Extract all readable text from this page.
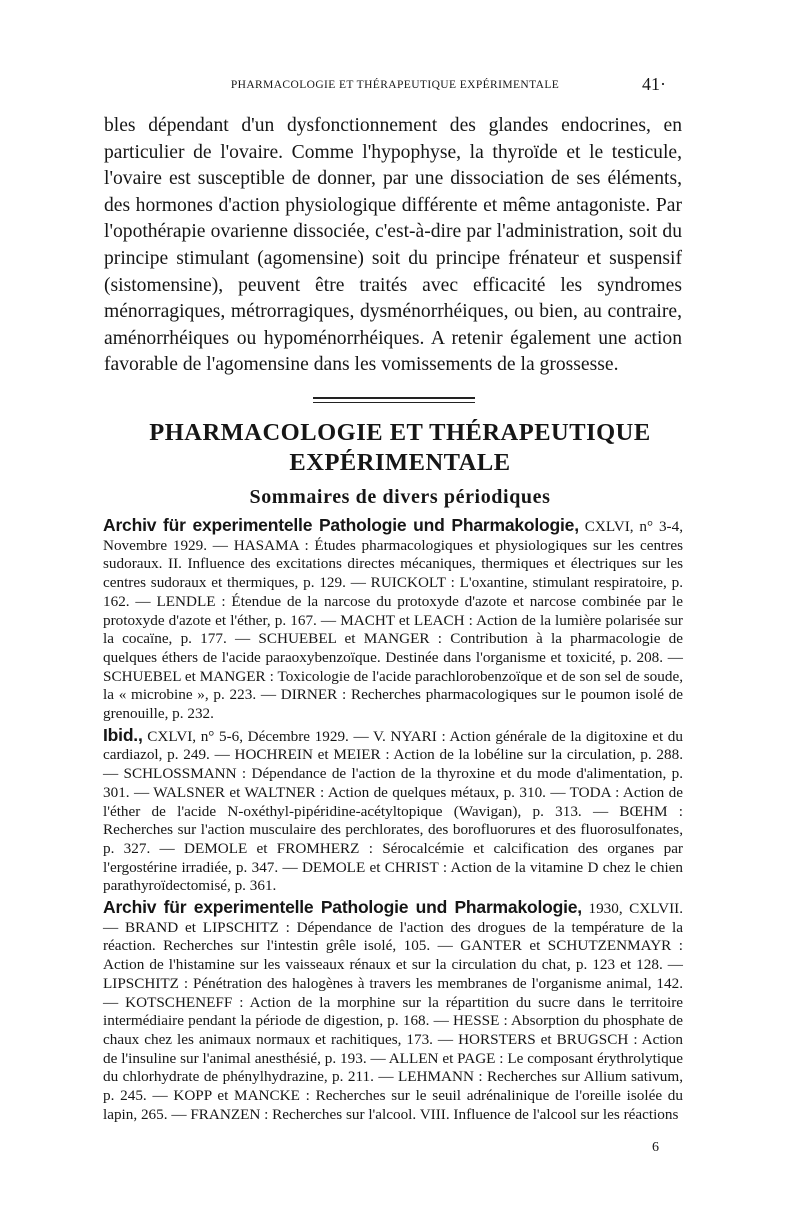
PHARMACOLOGIE ET THÉRAPEUTIQUE EXPÉRIMENTALE	41·

bles dépendant d'un dysfonctionnement des glandes endocrines, en particulier de l'ovaire. Comme l'hypophyse, la thyroïde et le testicule, l'ovaire est susceptible de donner, par une dissociation de ses éléments, des hormones d'action physiologique différente et même antagoniste. Par l'opothérapie ovarienne dissociée, c'est-à-dire par l'administration, soit du principe stimulant (agomensine) soit du principe frénateur et suspensif (sistomensine), peuvent être traités avec efficacité les syndromes ménorragiques, métrorragiques, dysménorrhéiques, ou bien, au contraire, aménorrhéiques ou hypoménorrhéiques. A retenir également une action favorable de l'agomensine dans les vomissements de la grossesse.

PHARMACOLOGIE ET THÉRAPEUTIQUE
EXPÉRIMENTALE
Sommaires de divers périodiques

Archiv für experimentelle Pathologie und Pharmakologie, CXLVI, n° 3-4, Novembre 1929. — HASAMA : Études pharmacologiques et physiologiques sur les centres sudoraux. II. Influence des excitations directes mécaniques, thermiques et électriques sur les centres sudoraux et thermiques, p. 129. — RUICKOLT : L'oxantine, stimulant respiratoire, p. 162. — LENDLE : Étendue de la narcose du protoxyde d'azote et narcose combinée par le protoxyde d'azote et l'éther, p. 167. — MACHT et LEACH : Action de la lumière polarisée sur la cocaïne, p. 177. — SCHUEBEL et MANGER : Contribution à la pharmacologie de quelques éthers de l'acide paraoxybenzoïque. Destinée dans l'organisme et toxicité, p. 208. — SCHUEBEL et MANGER : Toxicologie de l'acide parachlorobenzoïque et de son sel de soude, la « microbine », p. 223. — DIRNER : Recherches pharmacologiques sur le poumon isolé de grenouille, p. 232.

Ibid., CXLVI, n° 5-6, Décembre 1929. — V. NYARI : Action générale de la digitoxine et du cardiazol, p. 249. — HOCHREIN et MEIER : Action de la lobéline sur la circulation, p. 288. — SCHLOSSMANN : Dépendance de l'action de la thyroxine et du mode d'alimentation, p. 301. — WALSNER et WALTNER : Action de quelques métaux, p. 310. — TODA : Action de l'éther de l'acide N-oxéthyl-pipéridine-acétyltopique (Wavigan), p. 313. — BŒHM : Recherches sur l'action musculaire des perchlorates, des borofluorures et des fluorosulfonates, p. 327. — DEMOLE et FROMHERZ : Sérocalcémie et calcification des organes par l'ergostérine irradiée, p. 347. — DEMOLE et CHRIST : Action de la vitamine D chez le chien parathyroïdectomisé, p. 361.

Archiv für experimentelle Pathologie und Pharmakologie, 1930, CXLVII. — BRAND et LIPSCHITZ : Dépendance de l'action des drogues de la température de la réaction. Recherches sur l'intestin grêle isolé, 105. — GANTER et SCHUTZENMAYR : Action de l'histamine sur les vaisseaux rénaux et sur la circulation du chat, p. 123 et 128. — LIPSCHITZ : Pénétration des halogènes à travers les membranes de l'organisme animal, 142. — KOTSCHENEFF : Action de la morphine sur la répartition du sucre dans le territoire intermédiaire pendant la période de digestion, p. 168. — HESSE : Absorption du phosphate de chaux chez les animaux normaux et rachitiques, 173. — HORSTERS et BRUGSCH : Action de l'insuline sur l'animal anesthésié, p. 193. — ALLEN et PAGE : Le composant érythrolytique du chlorhydrate de phénylhydrazine, p. 211. — LEHMANN : Recherches sur Allium sativum, p. 245. — KOPP et MANCKE : Recherches sur le seuil adrénalinique de l'oreille isolée du lapin, 265. — FRANZEN : Recherches sur l'alcool. VIII. Influence de l'alcool sur les réactions

6
